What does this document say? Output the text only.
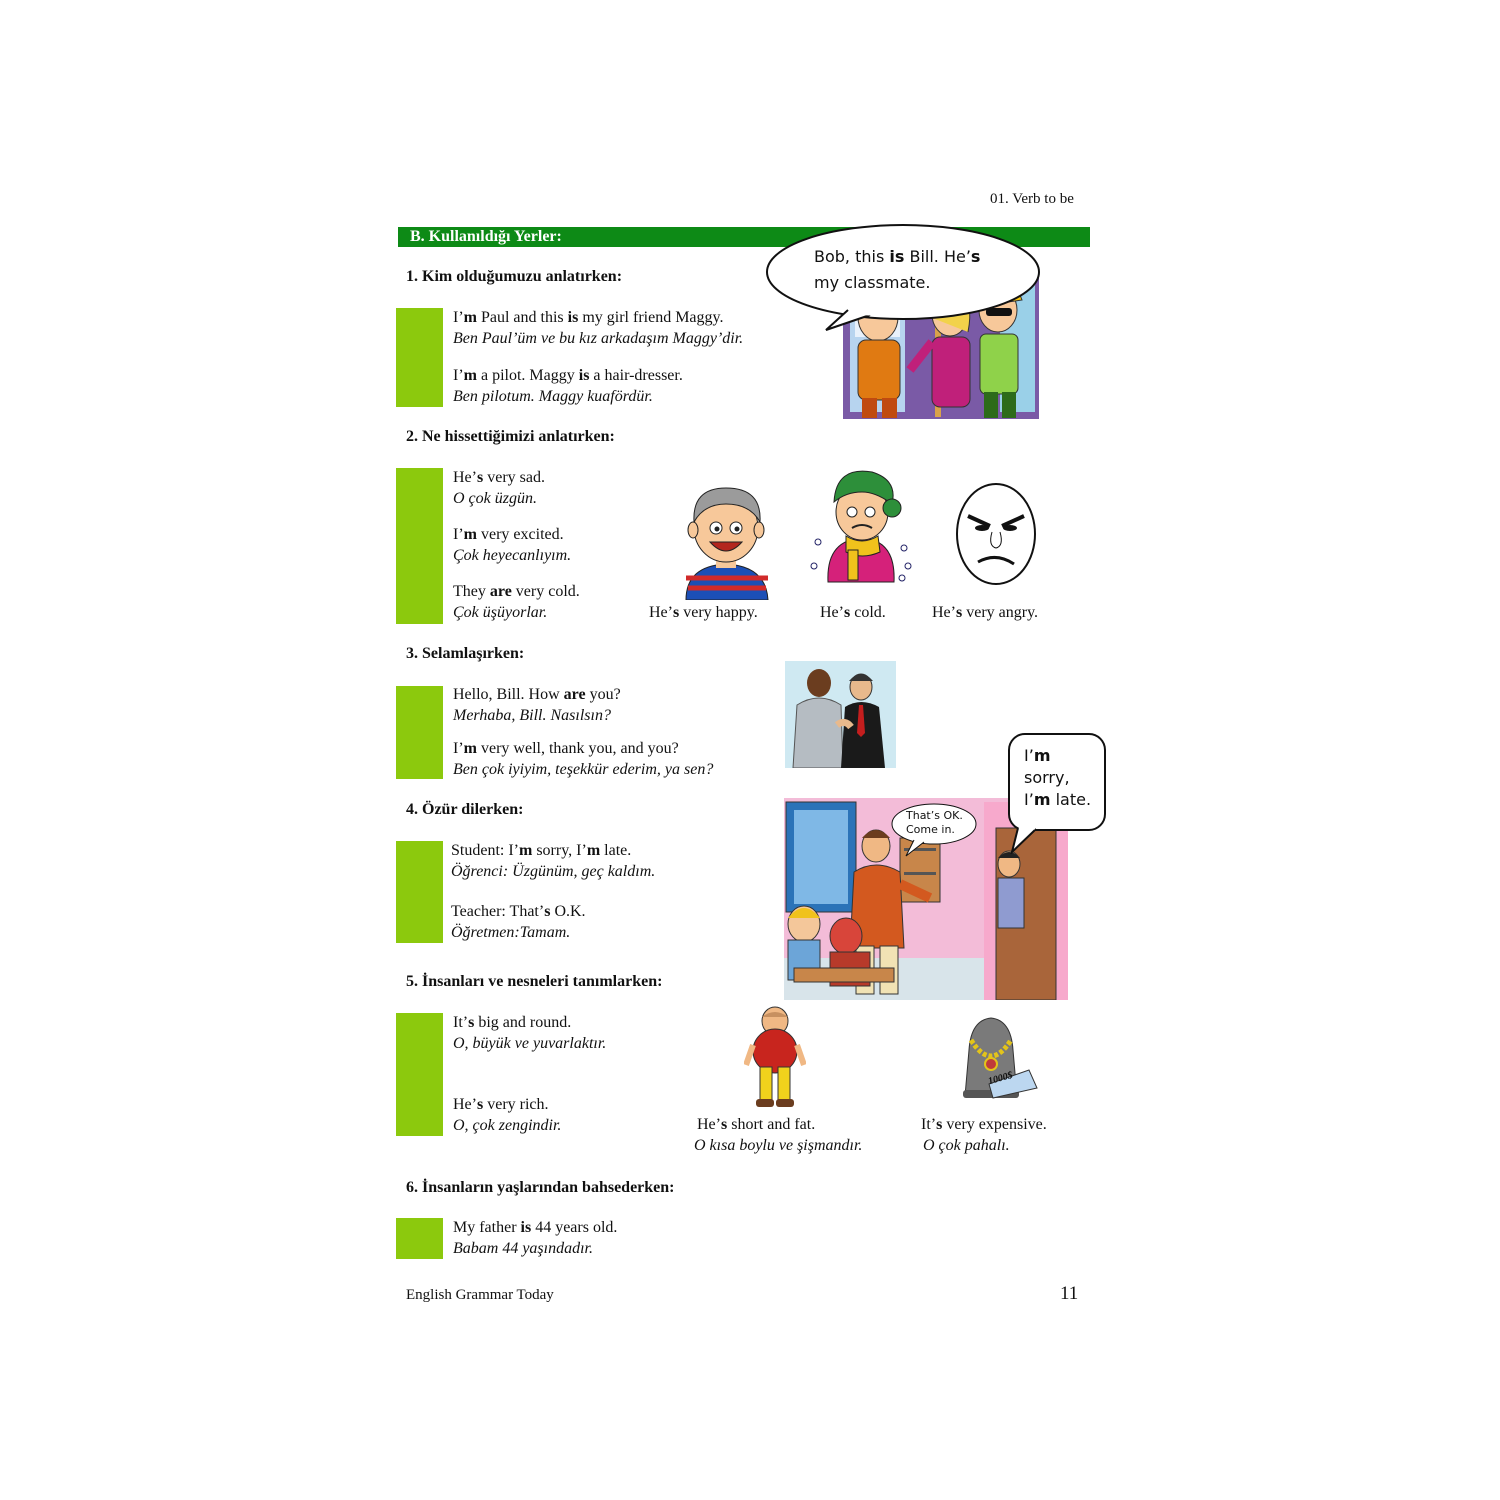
01. Verb to be
B. Kullanıldığı Yerler:
1. Kim olduğumuzu anlatırken:
I’m Paul and this is my girl friend Maggy.
Ben Paul’üm ve bu kız arkadaşım Maggy’dir.
I’m a pilot. Maggy is a hair-dresser.
Ben pilotum. Maggy kuafördür.
Bob, this is Bill. He’s
my classmate.
2. Ne hissettiğimizi anlatırken:
He’s very sad.
O çok üzgün.
I’m very excited.
Çok heyecanlıyım.
They are very cold.
Çok üşüyorlar.	He’s very happy.	He’s cold.	He’s very angry.
3. Selamlaşırken:
Hello, Bill. How are you?
Merhaba, Bill. Nasılsın?
I’m very well, thank you, and you?
Ben çok iyiyim, teşekkür ederim, ya sen?
4. Özür dilerken:
Student: I’m sorry, I’m late.
Öğrenci: Üzgünüm, geç kaldım.
Teacher: That’s O.K.
Öğretmen:Tamam.
That’s OK.
Come in.
I’m
sorry,
I’m late.
5. İnsanları ve nesneleri tanımlarken:
It’s big and round.
O, büyük ve yuvarlaktır.
He’s very rich.
O, çok zengindir.	He’s short and fat.
O kısa boylu ve şişmandır.
1000$
It’s very expensive.
O çok pahalı.
6. İnsanların yaşlarından bahsederken:
My father is 44 years old.
Babam 44 yaşındadır.
English Grammar Today	11
